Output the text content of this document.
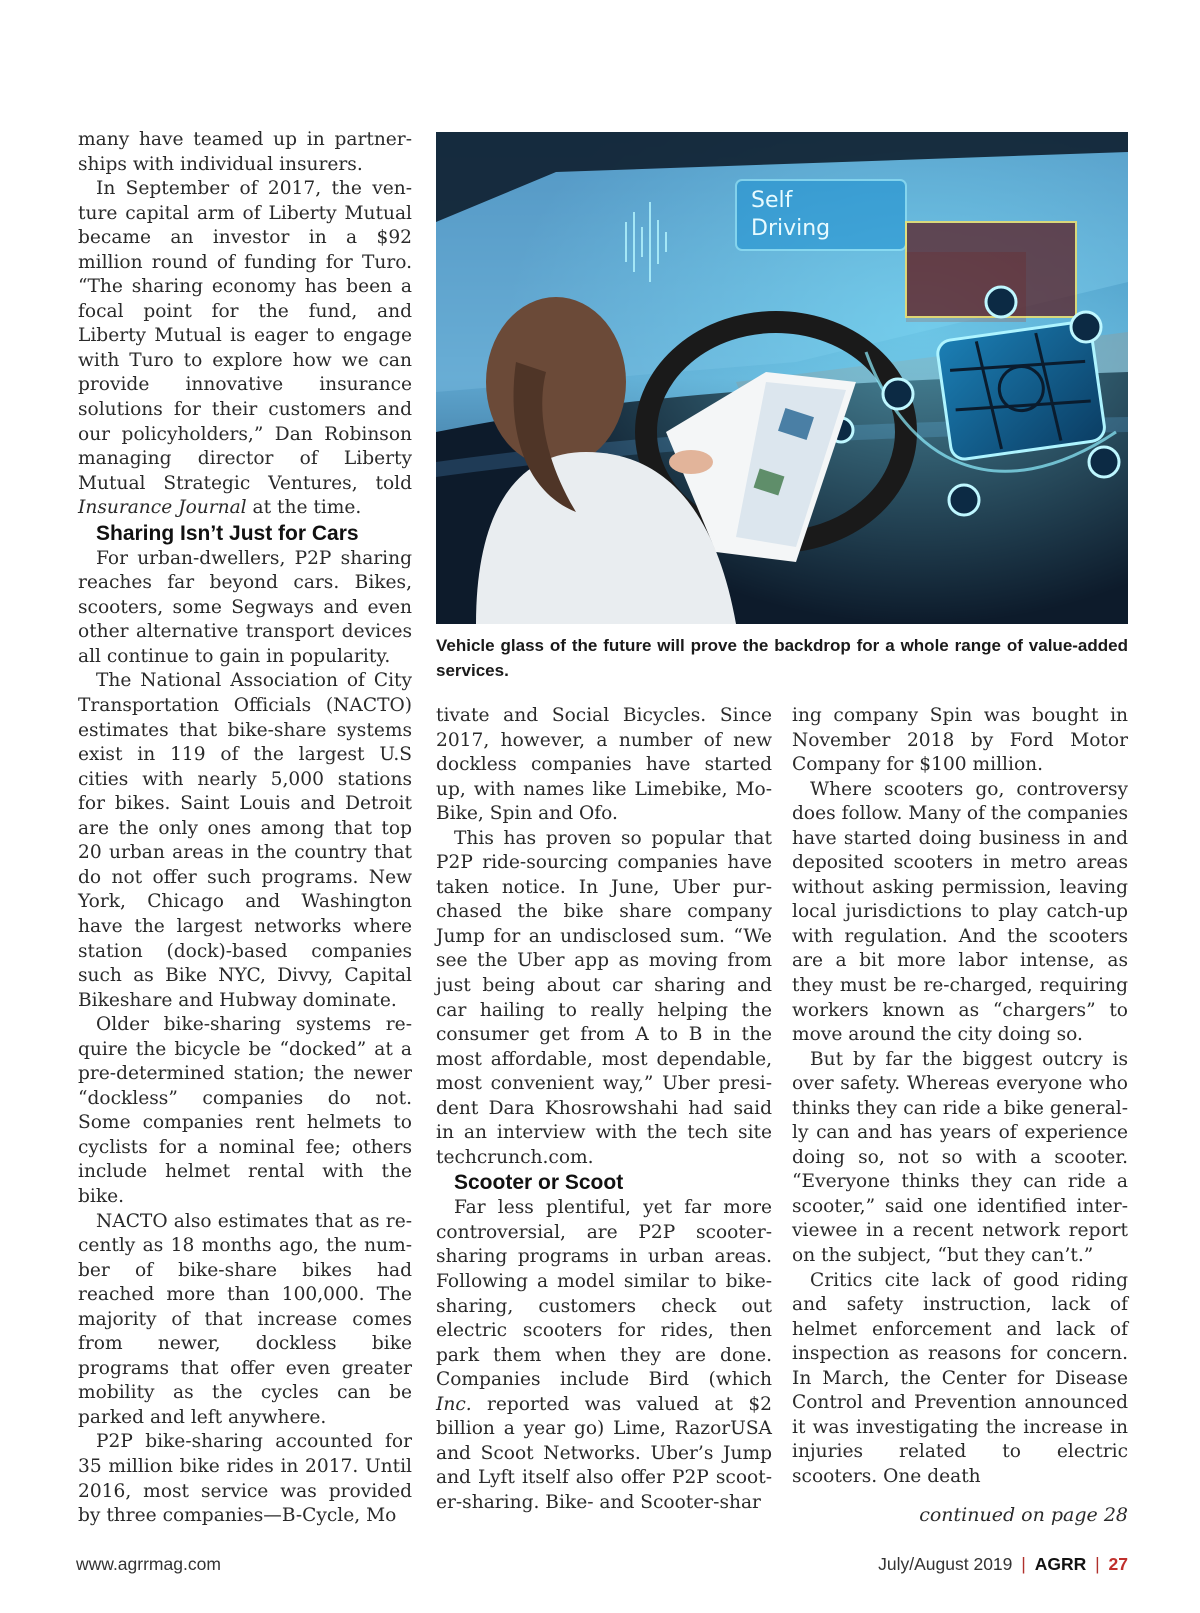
many have teamed up in partnerships with individual insurers.

In September of 2017, the venture capital arm of Liberty Mutual became an investor in a $92 million round of funding for Turo. “The sharing economy has been a focal point for the fund, and Liberty Mutual is eager to engage with Turo to explore how we can provide innovative insurance solutions for their customers and our policyholders,” Dan Robinson managing director of Liberty Mutual Strategic Ventures, told Insurance Journal at the time.

Sharing Isn’t Just for Cars

For urban-dwellers, P2P sharing reaches far beyond cars. Bikes, scooters, some Segways and even other alternative transport devices all continue to gain in popularity.

The National Association of City Transportation Officials (NACTO) estimates that bike-share systems exist in 119 of the largest U.S cities with nearly 5,000 stations for bikes. Saint Louis and Detroit are the only ones among that top 20 urban areas in the country that do not offer such programs. New York, Chicago and Washington have the largest networks where station (dock)-based companies such as Bike NYC, Divvy, Capital Bikeshare and Hubway dominate.

Older bike-sharing systems require the bicycle be “docked” at a pre-determined station; the newer “dockless” companies do not. Some companies rent helmets to cyclists for a nominal fee; others include helmet rental with the bike.

NACTO also estimates that as recently as 18 months ago, the number of bike-share bikes had reached more than 100,000. The majority of that increase comes from newer, dockless bike programs that offer even greater mobility as the cycles can be parked and left anywhere.

P2P bike-sharing accounted for 35 million bike rides in 2017. Until 2016, most service was provided by three companies—B-Cycle, Mo

Self
Driving
Vehicle glass of the future will prove the backdrop for a whole range of value-added services.

tivate and Social Bicycles. Since 2017, however, a number of new dockless companies have started up, with names like Limebike, Mo-Bike, Spin and Ofo.

This has proven so popular that P2P ride-sourcing companies have taken notice. In June, Uber purchased the bike share company Jump for an undisclosed sum. “We see the Uber app as moving from just being about car sharing and car hailing to really helping the consumer get from A to B in the most affordable, most dependable, most convenient way,” Uber president Dara Khosrowshahi had said in an interview with the tech site techcrunch.com.

Scooter or Scoot

Far less plentiful, yet far more controversial, are P2P scooter-sharing programs in urban areas. Following a model similar to bike-sharing, customers check out electric scooters for rides, then park them when they are done. Companies include Bird (which Inc. reported was valued at $2 billion a year go) Lime, RazorUSA and Scoot Networks. Uber’s Jump and Lyft itself also offer P2P scooter-sharing. Bike- and Scooter-shar

ing company Spin was bought in November 2018 by Ford Motor Company for $100 million.

Where scooters go, controversy does follow. Many of the companies have started doing business in and deposited scooters in metro areas without asking permission, leaving local jurisdictions to play catch-up with regulation. And the scooters are a bit more labor intense, as they must be re-charged, requiring workers known as “chargers” to move around the city doing so.

But by far the biggest outcry is over safety. Whereas everyone who thinks they can ride a bike generally can and has years of experience doing so, not so with a scooter. “Everyone thinks they can ride a scooter,” said one identified interviewee in a recent network report on the subject, “but they can’t.”

Critics cite lack of good riding and safety instruction, lack of helmet enforcement and lack of inspection as reasons for concern. In March, the Center for Disease Control and Prevention announced it was investigating the increase in injuries related to electric scooters. One death

continued on page 28
www.agrrmag.com	July/August 2019 | AGRR | 27
